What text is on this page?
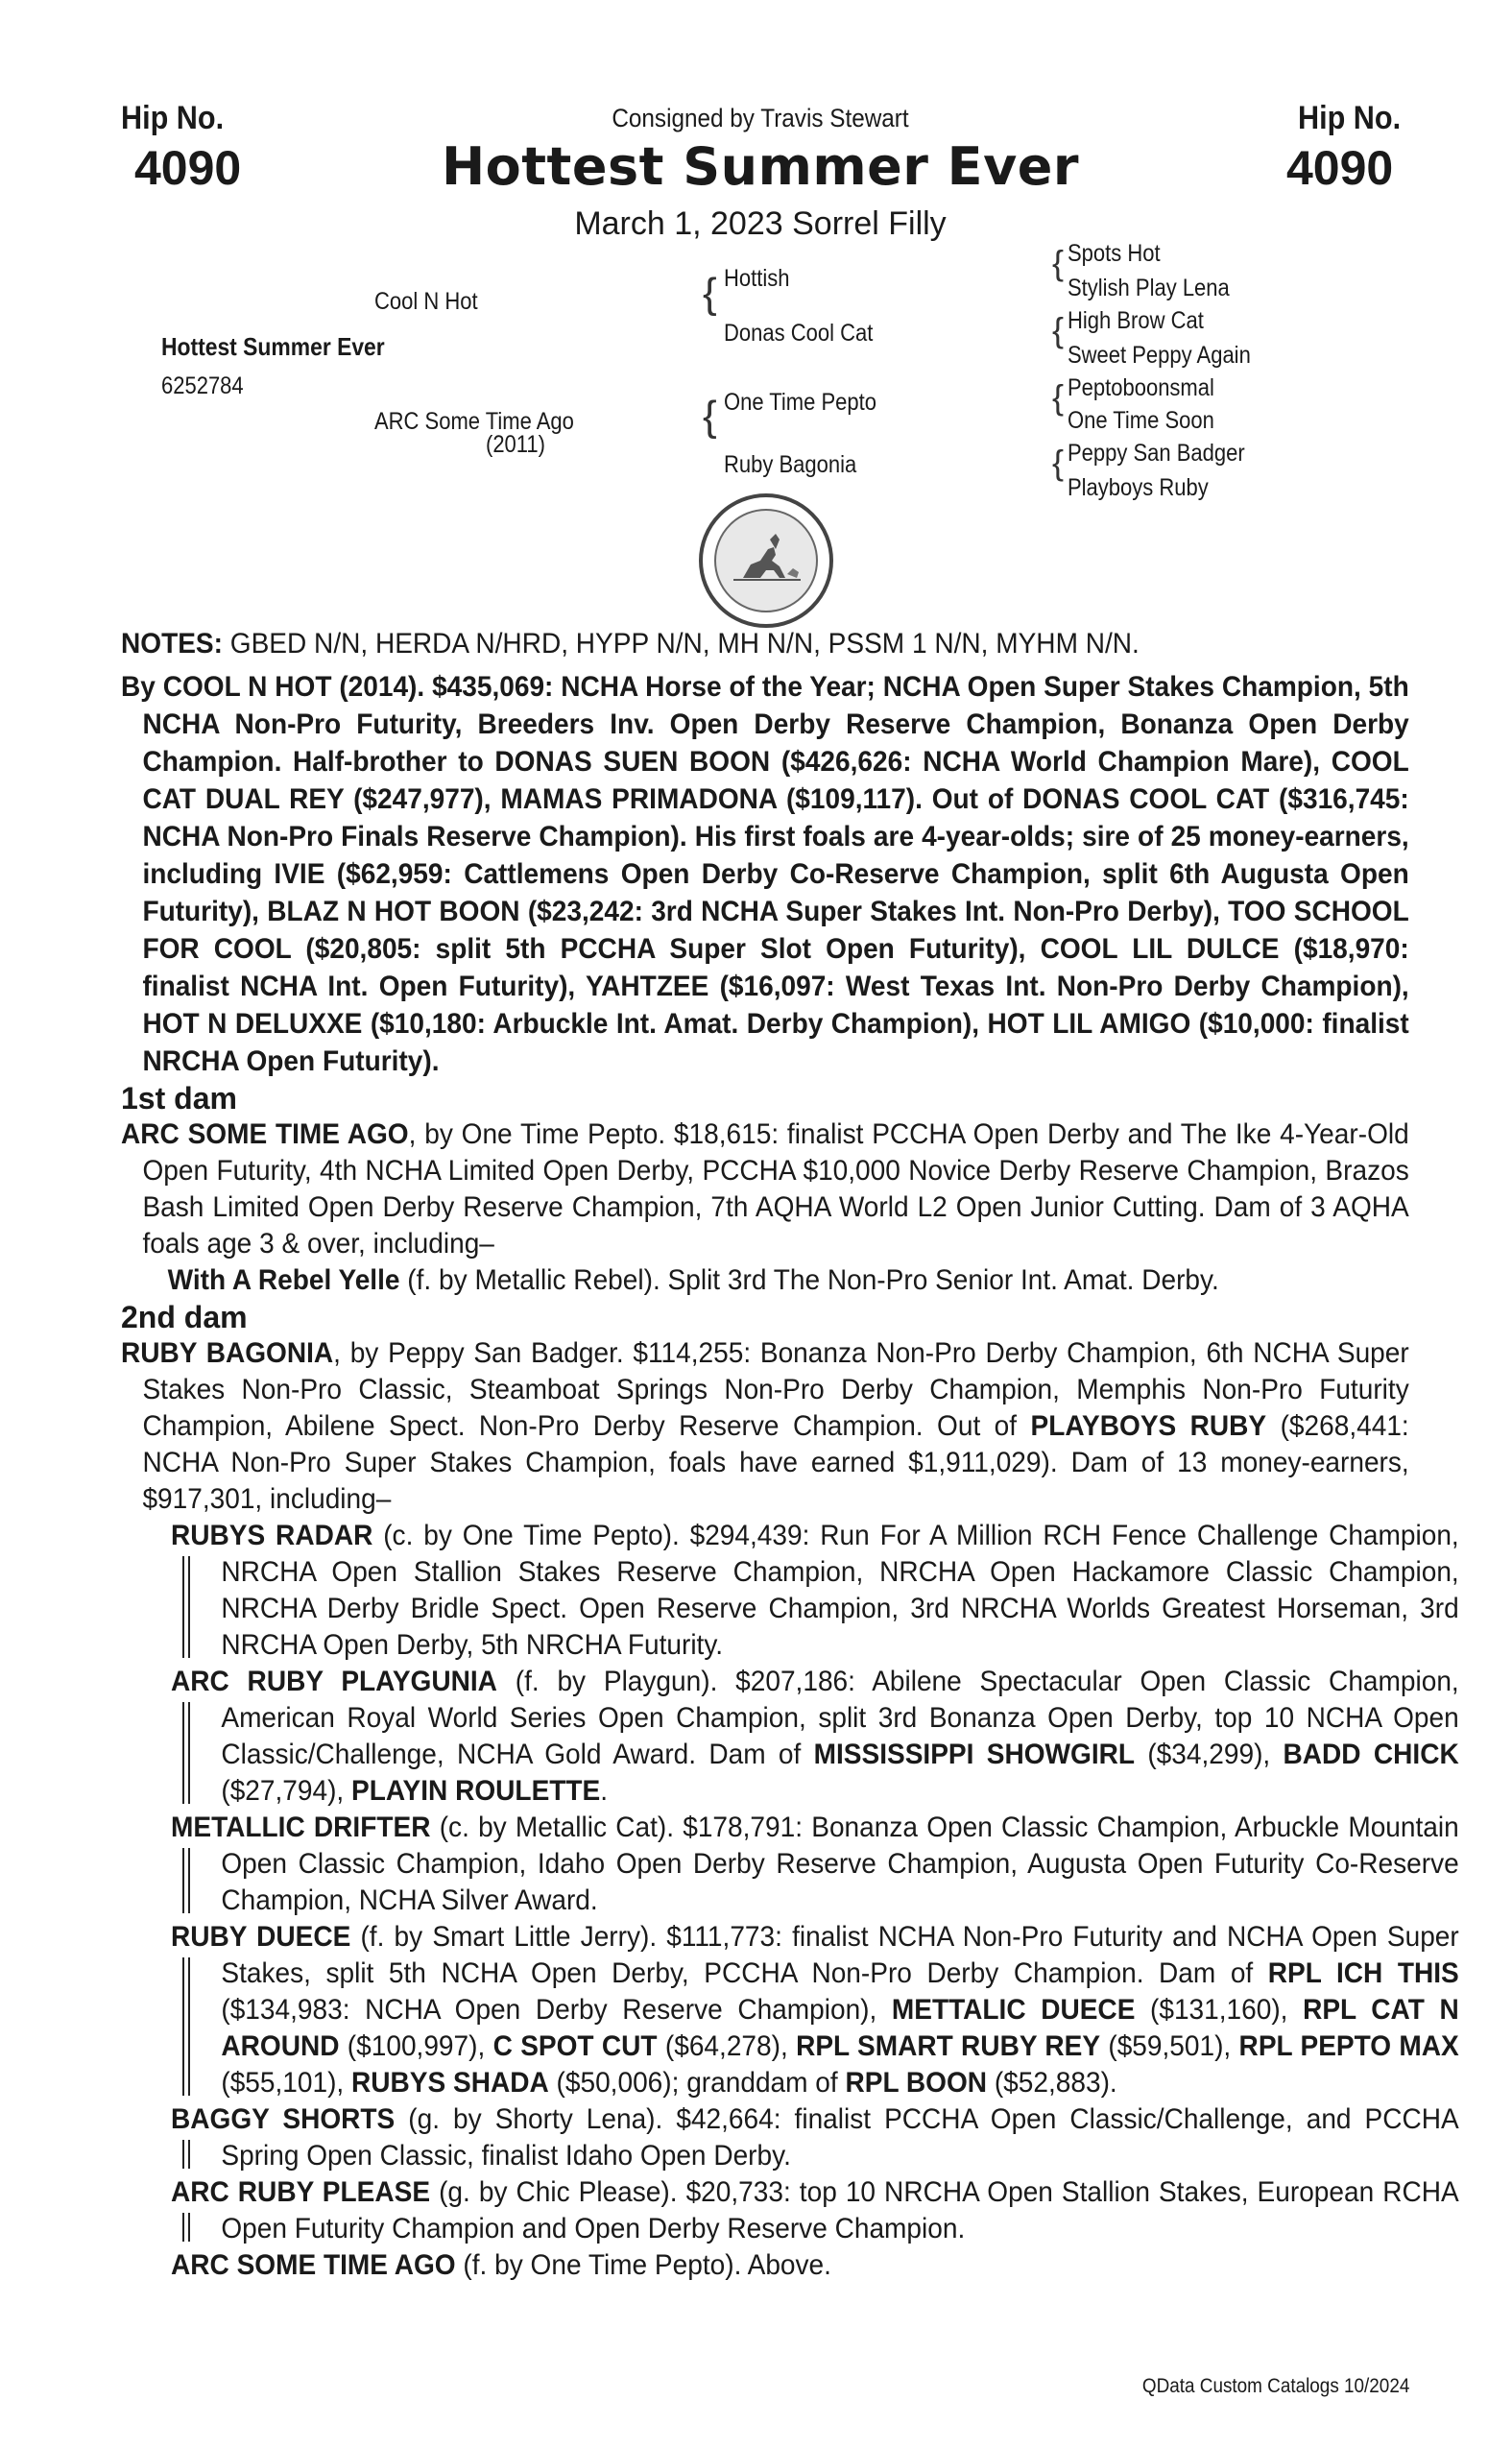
Hip No.
4090
Hip No.
4090
Consigned by Travis Stewart
Hottest Summer Ever
March 1, 2023 Sorrel Filly
Hottest Summer Ever
6252784
Cool N Hot
ARC Some Time Ago
(2011)
{ Hottish
Donas Cool Cat
{ One Time Pepto
Ruby Bagonia
{ Spots Hot
Stylish Play Lena
{ High Brow Cat
Sweet Peppy Again
{ Peptoboonsmal
One Time Soon
{ Peppy San Badger
Playboys Ruby

NOTES: GBED N/N, HERDA N/HRD, HYPP N/N, MH N/N, PSSM 1 N/N, MYHM N/N.

By COOL N HOT (2014). $435,069: NCHA Horse of the Year; NCHA Open Super Stakes Champion, 5th NCHA Non-Pro Futurity, Breeders Inv. Open Derby Reserve Champion, Bonanza Open Derby Champion. Half-brother to DONAS SUEN BOON ($426,626: NCHA World Champion Mare), COOL CAT DUAL REY ($247,977), MAMAS PRIMADONA ($109,117). Out of DONAS COOL CAT ($316,745: NCHA Non-Pro Finals Reserve Champion). His first foals are 4-year-olds; sire of 25 money-earners, including IVIE ($62,959: Cattlemens Open Derby Co-Reserve Champion, split 6th Augusta Open Futurity), BLAZ N HOT BOON ($23,242: 3rd NCHA Super Stakes Int. Non-Pro Derby), TOO SCHOOL FOR COOL ($20,805: split 5th PCCHA Super Slot Open Futurity), COOL LIL DULCE ($18,970: finalist NCHA Int. Open Futurity), YAHTZEE ($16,097: West Texas Int. Non-Pro Derby Champion), HOT N DELUXXE ($10,180: Arbuckle Int. Amat. Derby Champion), HOT LIL AMIGO ($10,000: finalist NRCHA Open Futurity).

1st dam

ARC SOME TIME AGO, by One Time Pepto. $18,615: finalist PCCHA Open Derby and The Ike 4-Year-Old Open Futurity, 4th NCHA Limited Open Derby, PCCHA $10,000 Novice Derby Reserve Champion, Brazos Bash Limited Open Derby Reserve Champion, 7th AQHA World L2 Open Junior Cutting. Dam of 3 AQHA foals age 3 & over, including–

With A Rebel Yelle (f. by Metallic Rebel). Split 3rd The Non-Pro Senior Int. Amat. Derby.

2nd dam

RUBY BAGONIA, by Peppy San Badger. $114,255: Bonanza Non-Pro Derby Champion, 6th NCHA Super Stakes Non-Pro Classic, Steamboat Springs Non-Pro Derby Champion, Memphis Non-Pro Futurity Champion, Abilene Spect. Non-Pro Derby Reserve Champion. Out of PLAYBOYS RUBY ($268,441: NCHA Non-Pro Super Stakes Champion, foals have earned $1,911,029). Dam of 13 money-earners, $917,301, including–

RUBYS RADAR (c. by One Time Pepto). $294,439: Run For A Million RCH Fence Challenge Champion, NRCHA Open Stallion Stakes Reserve Champion, NRCHA Open Hackamore Classic Champion, NRCHA Derby Bridle Spect. Open Reserve Champion, 3rd NRCHA Worlds Greatest Horseman, 3rd NRCHA Open Derby, 5th NRCHA Futurity.

ARC RUBY PLAYGUNIA (f. by Playgun). $207,186: Abilene Spectacular Open Classic Champion, American Royal World Series Open Champion, split 3rd Bonanza Open Derby, top 10 NCHA Open Classic/Challenge, NCHA Gold Award. Dam of MISSISSIPPI SHOWGIRL ($34,299), BADD CHICK ($27,794), PLAYIN ROULETTE.

METALLIC DRIFTER (c. by Metallic Cat). $178,791: Bonanza Open Classic Champion, Arbuckle Mountain Open Classic Champion, Idaho Open Derby Reserve Champion, Augusta Open Futurity Co-Reserve Champion, NCHA Silver Award.

RUBY DUECE (f. by Smart Little Jerry). $111,773: finalist NCHA Non-Pro Futurity and NCHA Open Super Stakes, split 5th NCHA Open Derby, PCCHA Non-Pro Derby Champion. Dam of RPL ICH THIS ($134,983: NCHA Open Derby Reserve Champion), METTALIC DUECE ($131,160), RPL CAT N AROUND ($100,997), C SPOT CUT ($64,278), RPL SMART RUBY REY ($59,501), RPL PEPTO MAX ($55,101), RUBYS SHADA ($50,006); granddam of RPL BOON ($52,883).

BAGGY SHORTS (g. by Shorty Lena). $42,664: finalist PCCHA Open Classic/Challenge, and PCCHA Spring Open Classic, finalist Idaho Open Derby.

ARC RUBY PLEASE (g. by Chic Please). $20,733: top 10 NRCHA Open Stallion Stakes, European RCHA Open Futurity Champion and Open Derby Reserve Champion.

ARC SOME TIME AGO (f. by One Time Pepto). Above.

QData Custom Catalogs 10/2024
